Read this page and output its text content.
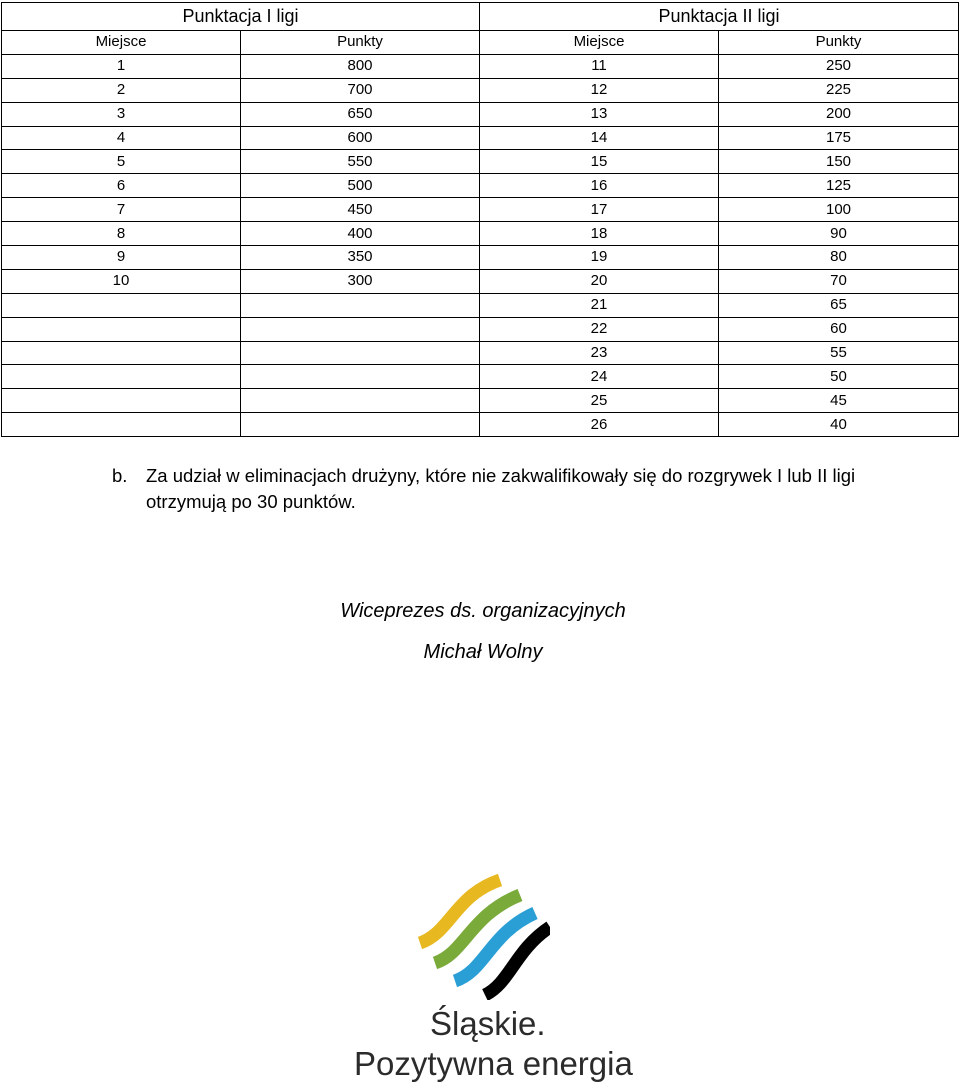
Punktacja I ligi		Punktacja II ligi	
Miejsce	Punkty	Miejsce	Punkty
1	800	11	250
2	700	12	225
3	650	13	200
4	600	14	175
5	550	15	150
6	500	16	125
7	450	17	100
8	400	18	90
9	350	19	80
10	300	20	70
		21	65
		22	60
		23	55
		24	50
		25	45
		26	40
b. Za udział w eliminacjach drużyny, które nie zakwalifikowały się do rozgrywek I lub II ligi
otrzymują po 30 punktów.
Wiceprezes ds. organizacyjnych
Michał Wolny
Śląskie.
Pozytywna energia
